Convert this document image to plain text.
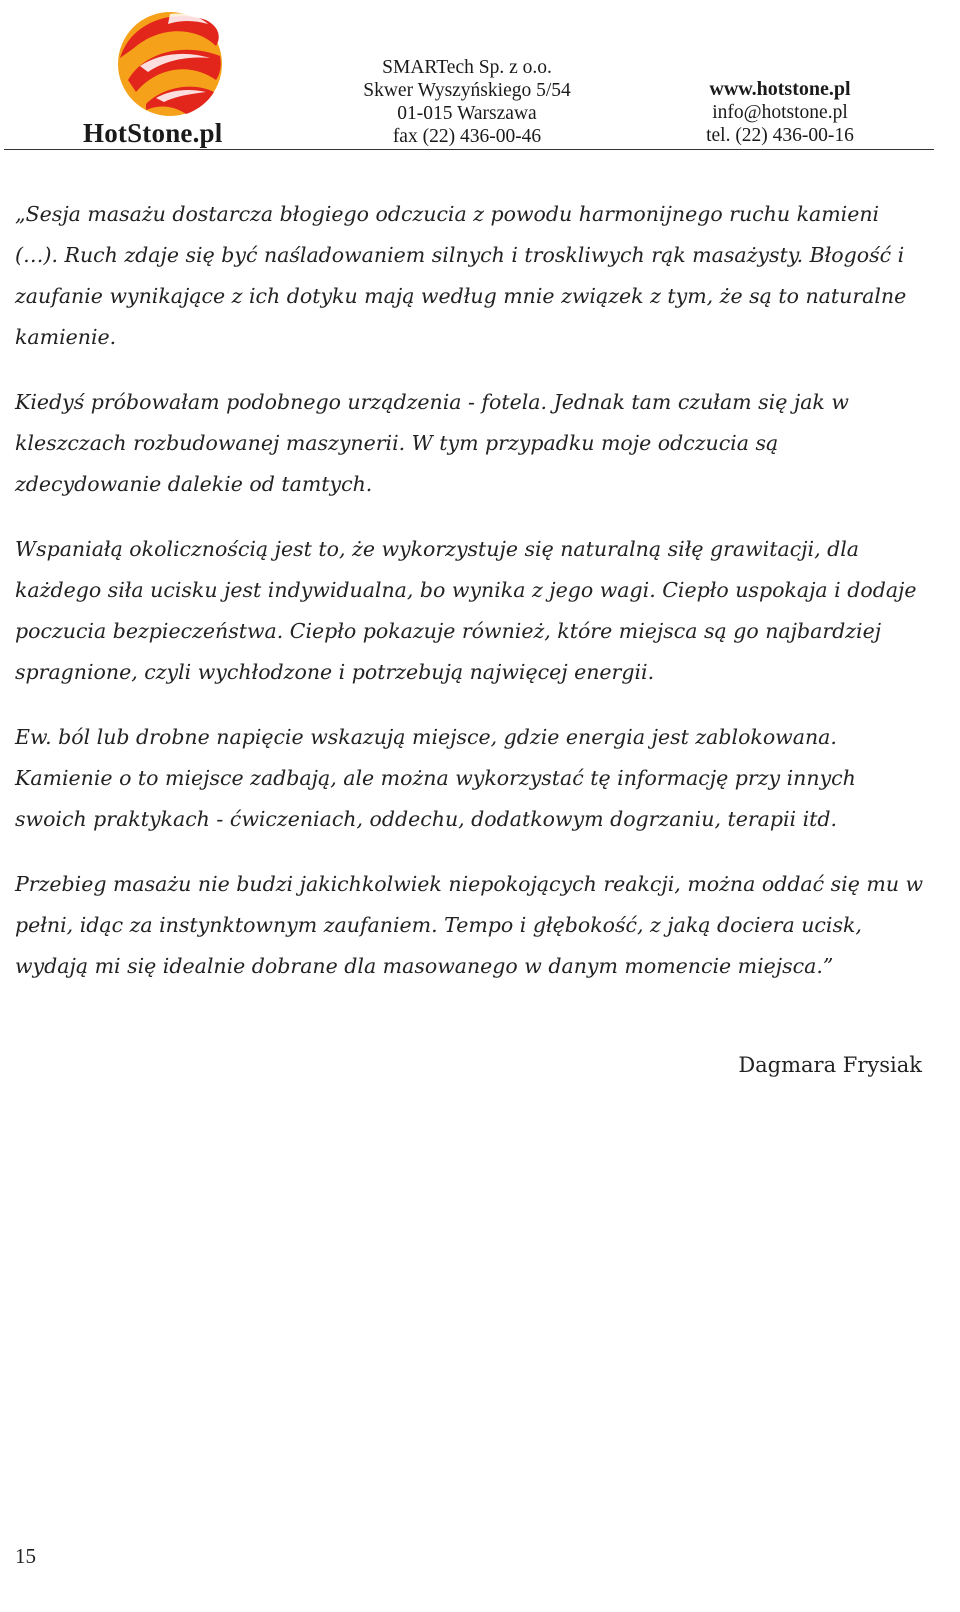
HotStone.pl
SMARTech Sp. z o.o.
Skwer Wyszyńskiego 5/54
01-015 Warszawa
fax (22) 436-00-46
www.hotstone.pl
info@hotstone.pl
tel. (22) 436-00-16

„Sesja masażu dostarcza błogiego odczucia z powodu harmonijnego ruchu kamieni (…). Ruch zdaje się być naśladowaniem silnych i troskliwych rąk masażysty. Błogość i zaufanie wynikające z ich dotyku mają według mnie związek z tym, że są to naturalne kamienie.

Kiedyś próbowałam podobnego urządzenia - fotela. Jednak tam czułam się jak w kleszczach rozbudowanej maszynerii. W tym przypadku moje odczucia są zdecydowanie dalekie od tamtych.

Wspaniałą okolicznością jest to, że wykorzystuje się naturalną siłę grawitacji, dla każdego siła ucisku jest indywidualna, bo wynika z jego wagi. Ciepło uspokaja i dodaje poczucia bezpieczeństwa. Ciepło pokazuje również, które miejsca są go najbardziej spragnione, czyli wychłodzone i potrzebują najwięcej energii.

Ew. ból lub drobne napięcie wskazują miejsce, gdzie energia jest zablokowana. Kamienie o to miejsce zadbają, ale można wykorzystać tę informację przy innych swoich praktykach - ćwiczeniach, oddechu, dodatkowym dogrzaniu, terapii itd.

Przebieg masażu nie budzi jakichkolwiek niepokojących reakcji, można oddać się mu w pełni, idąc za instynktownym zaufaniem. Tempo i głębokość, z jaką dociera ucisk, wydają mi się idealnie dobrane dla masowanego w danym momencie miejsca.”

Dagmara Frysiak
15
